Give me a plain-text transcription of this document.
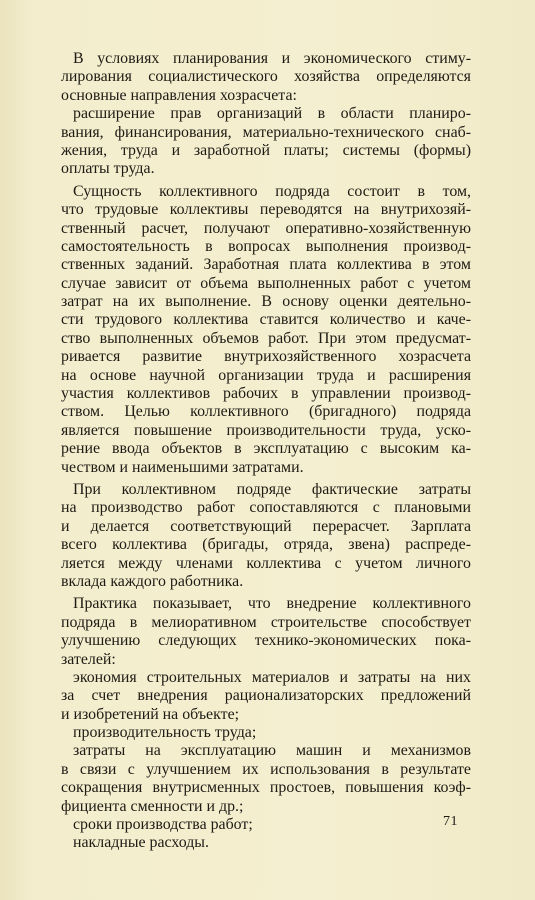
В условиях планирования и экономического стиму-
лирования социалистического хозяйства определяются
основные направления хозрасчета:
расширение прав организаций в области планиро-
вания, финансирования, материально-технического снаб-
жения, труда и заработной платы; системы (формы)
оплаты труда.
Сущность коллективного подряда состоит в том,
что трудовые коллективы переводятся на внутрихозяй-
ственный расчет, получают оперативно-хозяйственную
самостоятельность в вопросах выполнения производ-
ственных заданий. Заработная плата коллектива в этом
случае зависит от объема выполненных работ с учетом
затрат на их выполнение. В основу оценки деятельно-
сти трудового коллектива ставится количество и каче-
ство выполненных объемов работ. При этом предусмат-
ривается развитие внутрихозяйственного хозрасчета
на основе научной организации труда и расширения
участия коллективов рабочих в управлении производ-
ством. Целью коллективного (бригадного) подряда
является повышение производительности труда, уско-
рение ввода объектов в эксплуатацию с высоким ка-
чеством и наименьшими затратами.
При коллективном подряде фактические затраты
на производство работ сопоставляются с плановыми
и делается соответствующий перерасчет. Зарплата
всего коллектива (бригады, отряда, звена) распреде-
ляется между членами коллектива с учетом личного
вклада каждого работника.
Практика показывает, что внедрение коллективного
подряда в мелиоративном строительстве способствует
улучшению следующих технико-экономических пока-
зателей:
экономия строительных материалов и затраты на них
за счет внедрения рационализаторских предложений
и изобретений на объекте;
производительность труда;
затраты на эксплуатацию машин и механизмов
в связи с улучшением их использования в результате
сокращения внутрисменных простоев, повышения коэф-
фициента сменности и др.;
сроки производства работ;
накладные расходы.
71
